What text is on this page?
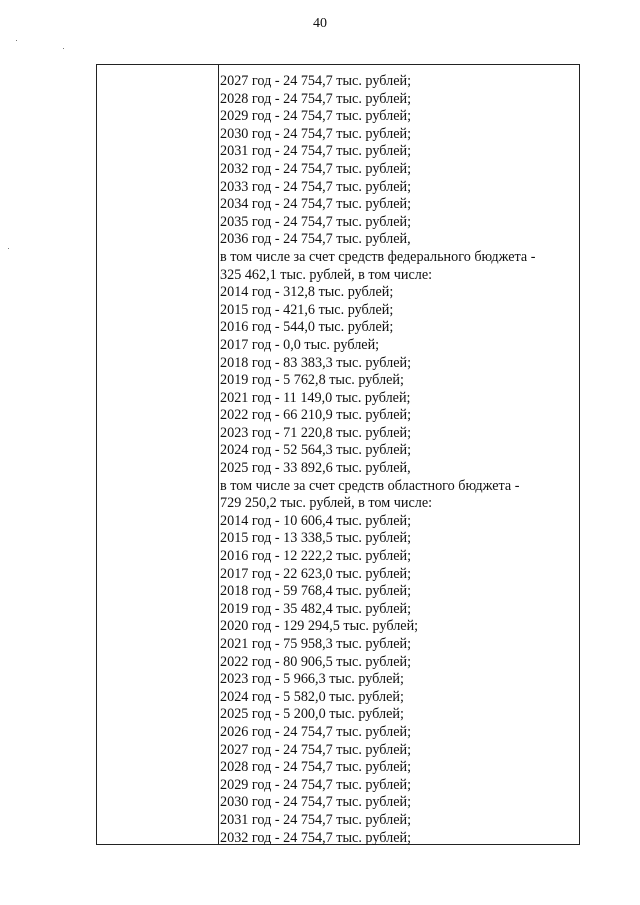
40
2027 год - 24 754,7 тыс. рублей;
2028 год - 24 754,7 тыс. рублей;
2029 год - 24 754,7 тыс. рублей;
2030 год - 24 754,7 тыс. рублей;
2031 год - 24 754,7 тыс. рублей;
2032 год - 24 754,7 тыс. рублей;
2033 год - 24 754,7 тыс. рублей;
2034 год - 24 754,7 тыс. рублей;
2035 год - 24 754,7 тыс. рублей;
2036 год - 24 754,7 тыс. рублей,
в том числе за счет средств федерального бюджета -
325 462,1 тыс. рублей, в том числе:
2014 год - 312,8 тыс. рублей;
2015 год - 421,6 тыс. рублей;
2016 год - 544,0 тыс. рублей;
2017 год - 0,0 тыс. рублей;
2018 год - 83 383,3 тыс. рублей;
2019 год - 5 762,8 тыс. рублей;
2021 год - 11 149,0 тыс. рублей;
2022 год - 66 210,9 тыс. рублей;
2023 год - 71 220,8 тыс. рублей;
2024 год - 52 564,3 тыс. рублей;
2025 год - 33 892,6 тыс. рублей,
в том числе за счет средств областного бюджета -
729 250,2 тыс. рублей, в том числе:
2014 год - 10 606,4 тыс. рублей;
2015 год - 13 338,5 тыс. рублей;
2016 год - 12 222,2 тыс. рублей;
2017 год - 22 623,0 тыс. рублей;
2018 год - 59 768,4 тыс. рублей;
2019 год - 35 482,4 тыс. рублей;
2020 год - 129 294,5 тыс. рублей;
2021 год - 75 958,3 тыс. рублей;
2022 год - 80 906,5 тыс. рублей;
2023 год - 5 966,3 тыс. рублей;
2024 год - 5 582,0 тыс. рублей;
2025 год - 5 200,0 тыс. рублей;
2026 год - 24 754,7 тыс. рублей;
2027 год - 24 754,7 тыс. рублей;
2028 год - 24 754,7 тыс. рублей;
2029 год - 24 754,7 тыс. рублей;
2030 год - 24 754,7 тыс. рублей;
2031 год - 24 754,7 тыс. рублей;
2032 год - 24 754,7 тыс. рублей;
